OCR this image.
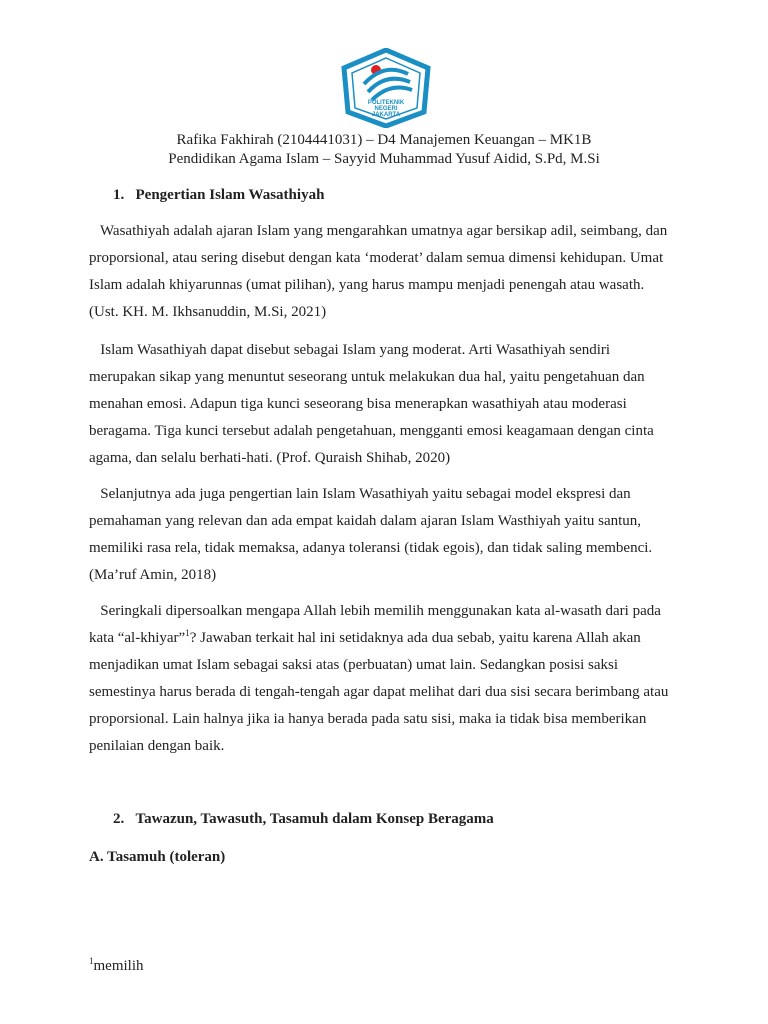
POLITEKNIK
NEGERI
JAKARTA
Rafika Fakhirah (2104441031) – D4 Manajemen Keuangan – MK1B
Pendidikan Agama Islam – Sayyid Muhammad Yusuf Aidid, S.Pd, M.Si
1. Pengertian Islam Wasathiyah
Wasathiyah adalah ajaran Islam yang mengarahkan umatnya agar bersikap adil, seimbang, dan
proporsional, atau sering disebut dengan kata ‘moderat’ dalam semua dimensi kehidupan. Umat
Islam adalah khiyarunnas (umat pilihan), yang harus mampu menjadi penengah atau wasath.
(Ust. KH. M. Ikhsanuddin, M.Si, 2021)
Islam Wasathiyah dapat disebut sebagai Islam yang moderat. Arti Wasathiyah sendiri
merupakan sikap yang menuntut seseorang untuk melakukan dua hal, yaitu pengetahuan dan
menahan emosi. Adapun tiga kunci seseorang bisa menerapkan wasathiyah atau moderasi
beragama. Tiga kunci tersebut adalah pengetahuan, mengganti emosi keagamaan dengan cinta
agama, dan selalu berhati-hati. (Prof. Quraish Shihab, 2020)
Selanjutnya ada juga pengertian lain Islam Wasathiyah yaitu sebagai model ekspresi dan
pemahaman yang relevan dan ada empat kaidah dalam ajaran Islam Wasthiyah yaitu santun,
memiliki rasa rela, tidak memaksa, adanya toleransi (tidak egois), dan tidak saling membenci.
(Ma’ruf Amin, 2018)
Seringkali dipersoalkan mengapa Allah lebih memilih menggunakan kata al-wasath dari pada
kata “al-khiyar”$^1$? Jawaban terkait hal ini setidaknya ada dua sebab, yaitu karena Allah akan
menjadikan umat Islam sebagai saksi atas (perbuatan) umat lain. Sedangkan posisi saksi
semestinya harus berada di tengah-tengah agar dapat melihat dari dua sisi secara berimbang atau
proporsional. Lain halnya jika ia hanya berada pada satu sisi, maka ia tidak bisa memberikan
penilaian dengan baik.
2. Tawazun, Tawasuth, Tasamuh dalam Konsep Beragama
A. Tasamuh (toleran)
$^1$memilih
